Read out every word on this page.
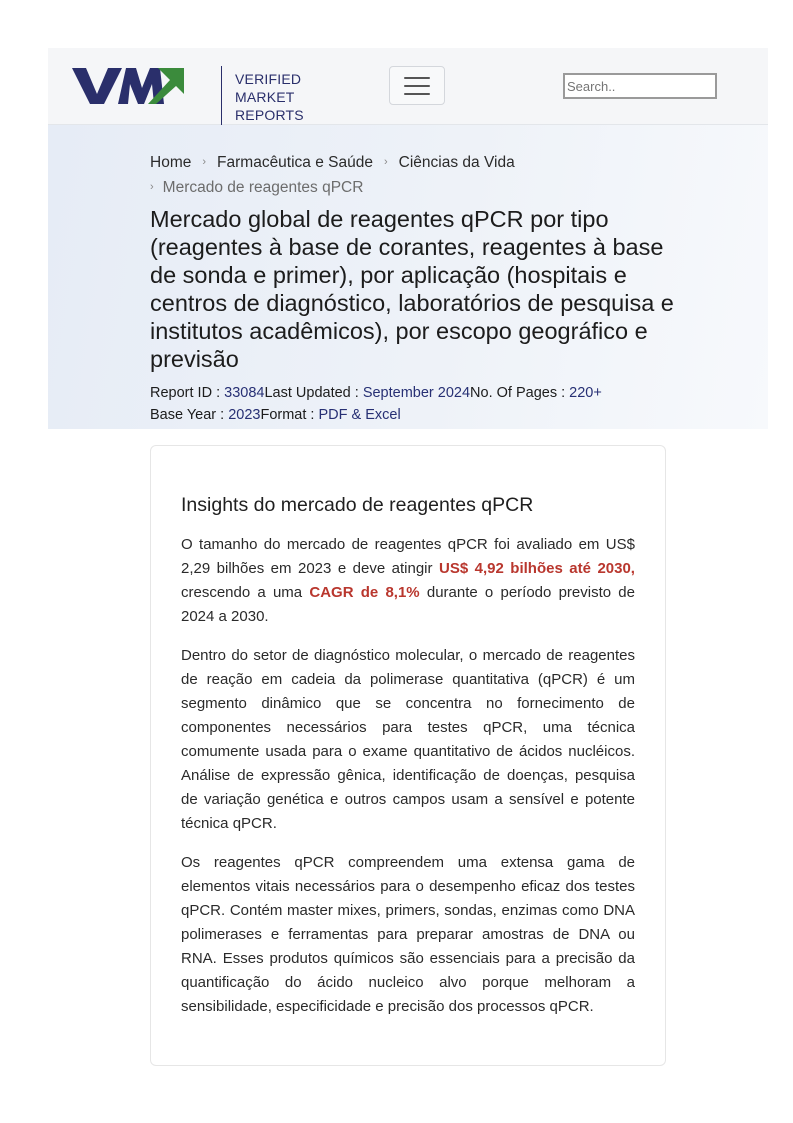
VERIFIED
MARKET
REPORTS
Search..
Home › Farmacêutica e Saúde › Ciências da Vida
› Mercado de reagentes qPCR
Mercado global de reagentes qPCR por tipo (reagentes à base de corantes, reagentes à base de sonda e primer), por aplicação (hospitais e centros de diagnóstico, laboratórios de pesquisa e institutos acadêmicos), por escopo geográfico e previsão
Report ID : 33084Last Updated : September 2024No. Of Pages : 220+
Base Year : 2023Format : PDF & Excel
Insights do mercado de reagentes qPCR

O tamanho do mercado de reagentes qPCR foi avaliado em US$ 2,29 bilhões em 2023 e deve atingir US$ 4,92 bilhões até 2030, crescendo a uma CAGR de 8,1% durante o período previsto de 2024 a 2030.

Dentro do setor de diagnóstico molecular, o mercado de reagentes de reação em cadeia da polimerase quantitativa (qPCR) é um segmento dinâmico que se concentra no fornecimento de componentes necessários para testes qPCR, uma técnica comumente usada para o exame quantitativo de ácidos nucléicos. Análise de expressão gênica, identificação de doenças, pesquisa de variação genética e outros campos usam a sensível e potente técnica qPCR.

Os reagentes qPCR compreendem uma extensa gama de elementos vitais necessários para o desempenho eficaz dos testes qPCR. Contém master mixes, primers, sondas, enzimas como DNA polimerases e ferramentas para preparar amostras de DNA ou RNA. Esses produtos químicos são essenciais para a precisão da quantificação do ácido nucleico alvo porque melhoram a sensibilidade, especificidade e precisão dos processos qPCR.
